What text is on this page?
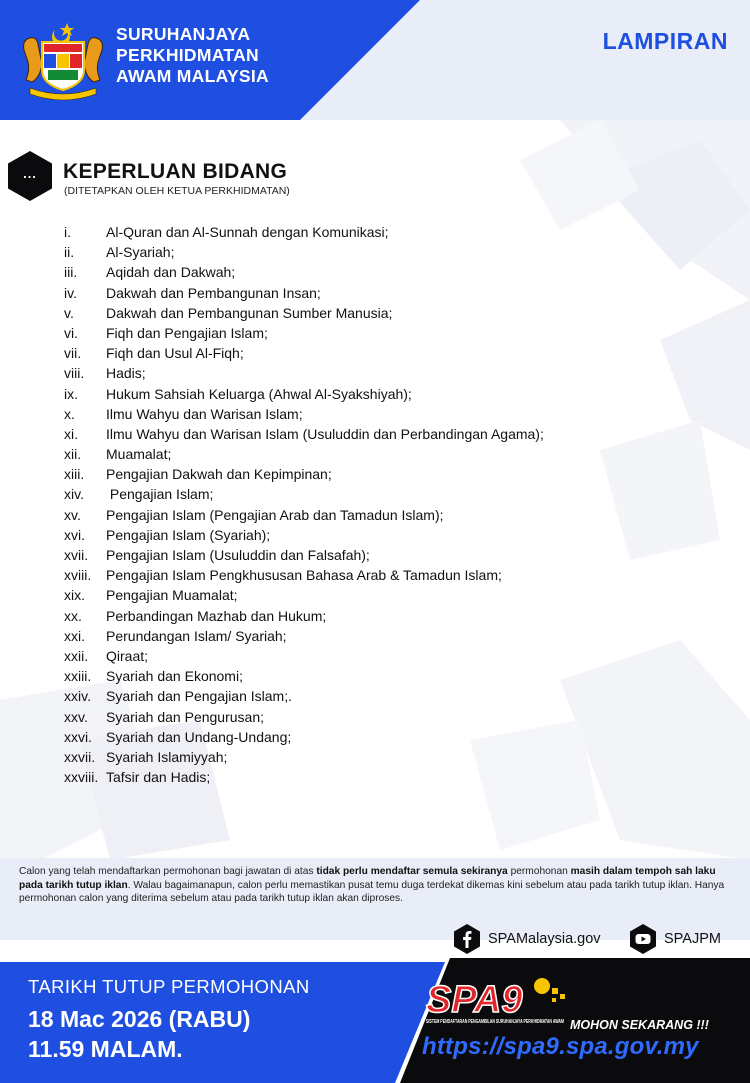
SURUHANJAYA
PERKHIDMATAN
AWAM MALAYSIA
LAMPIRAN
...	KEPERLUAN BIDANG
(DITETAPKAN OLEH KETUA PERKHIDMATAN)
i.	Al-Quran dan Al-Sunnah dengan Komunikasi;
ii. Al-Syariah;
iii. Aqidah dan Dakwah;
iv. Dakwah dan Pembangunan Insan;
v. Dakwah dan Pembangunan Sumber Manusia;
vi. Fiqh dan Pengajian Islam;
vii. Fiqh dan Usul Al-Fiqh;
viii. Hadis;
ix. Hukum Sahsiah Keluarga (Ahwal Al-Syakshiyah);
x. Ilmu Wahyu dan Warisan Islam;
xi. Ilmu Wahyu dan Warisan Islam (Usuluddin dan Perbandingan Agama);
xii. Muamalat;
xiii. Pengajian Dakwah dan Kepimpinan;
xiv. Pengajian Islam;
xv. Pengajian Islam (Pengajian Arab dan Tamadun Islam);
xvi. Pengajian Islam (Syariah);
xvii. Pengajian Islam (Usuluddin dan Falsafah);
xviii. Pengajian Islam Pengkhususan Bahasa Arab & Tamadun Islam;
xix. Pengajian Muamalat;
xx. Perbandingan Mazhab dan Hukum;
xxi. Perundangan Islam/ Syariah;
xxii. Qiraat;
xxiii. Syariah dan Ekonomi;
xxiv. Syariah dan Pengajian Islam;.
xxv. Syariah dan Pengurusan;
xxvi. Syariah dan Undang-Undang;
xxvii. Syariah Islamiyyah;
xxviii. Tafsir dan Hadis;
Calon yang telah mendaftarkan permohonan bagi jawatan di atas tidak perlu mendaftar semula sekiranya permohonan masih dalam tempoh sah laku pada tarikh tutup iklan. Walau bagaimanapun, calon perlu memastikan pusat temu duga terdekat dikemas kini sebelum atau pada tarikh tutup iklan. Hanya permohonan calon yang diterima sebelum atau pada tarikh tutup iklan akan diproses.
SPAMalaysia.gov	SPAJPM
TARIKH TUTUP PERMOHONAN
18 Mac 2026 (RABU)
11.59 MALAM.
SPA9
SISTEM PENDAFTARAN PENGAMBILAN SURUHANJAYA PERKHIDMATAN AWAM MOHON SEKARANG !!!
https://spa9.spa.gov.my
